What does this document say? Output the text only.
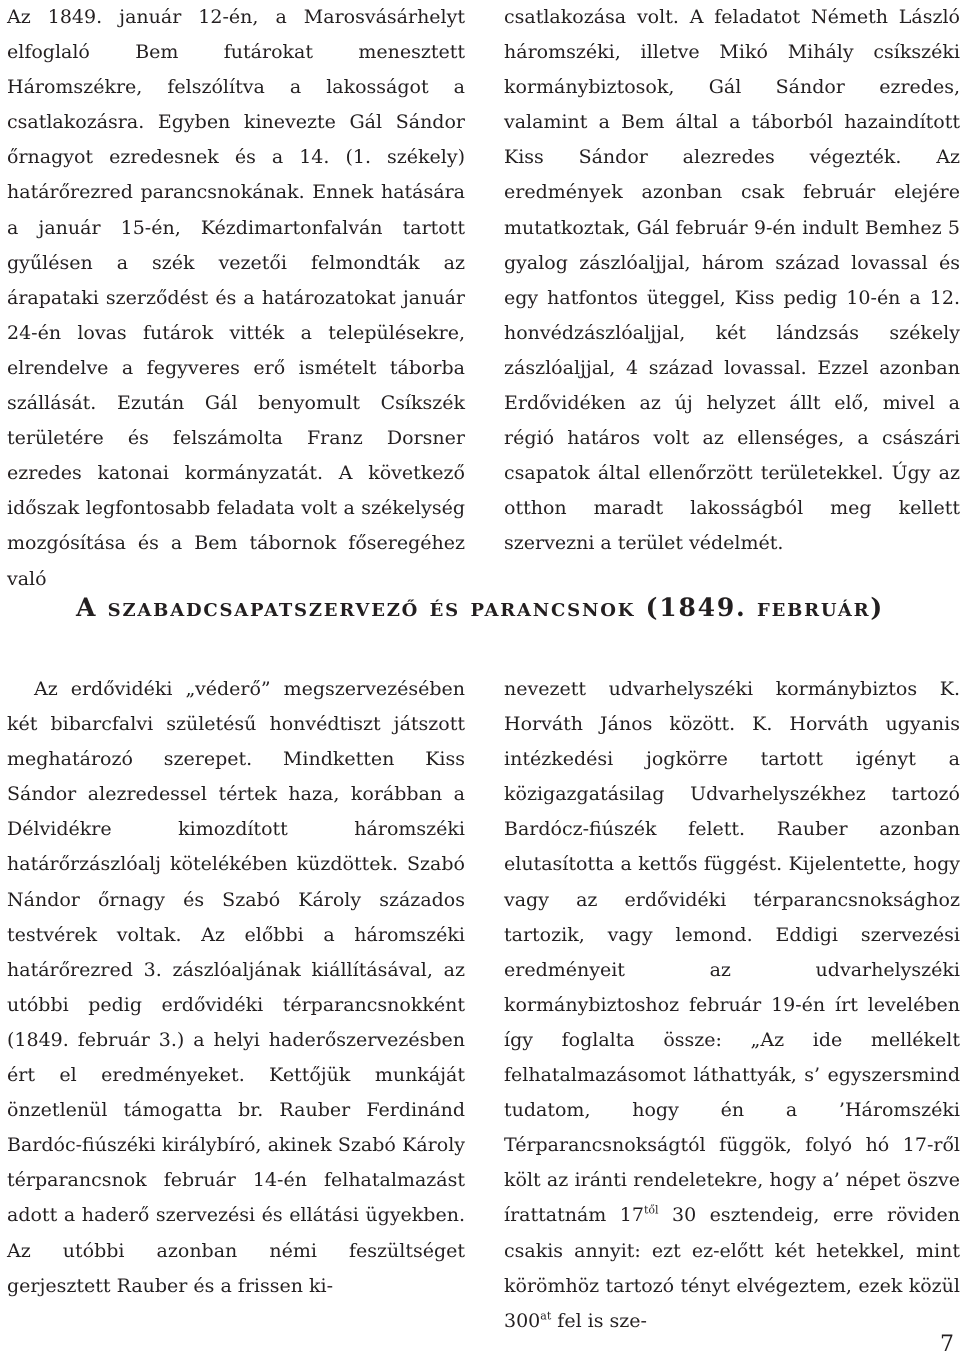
Az 1849. január 12-én, a Marosvásárhelyt elfoglaló Bem futárokat menesztett Háromszékre, felszólítva a lakosságot a csatlakozásra. Egyben kinevezte Gál Sándor őrnagyot ezredesnek és a 14. (1. székely) határőrezred parancsnokának. Ennek hatására a január 15-én, Kézdimartonfalván tartott gyűlésen a szék vezetői felmondták az árapataki szerződést és a határozatokat január 24-én lovas futárok vitték a településekre, elrendelve a fegyveres erő ismételt táborba szállását. Ezután Gál benyomult Csíkszék területére és felszámolta Franz Dorsner ezredes katonai kormányzatát. A következő időszak legfontosabb feladata volt a székelység mozgósítása és a Bem tábornok főseregéhez való

csatlakozása volt. A feladatot Németh László háromszéki, illetve Mikó Mihály csíkszéki kormánybiztosok, Gál Sándor ezredes, valamint a Bem által a táborból hazaindított Kiss Sándor alezredes végezték. Az eredmények azonban csak február elejére mutatkoztak, Gál február 9-én indult Bemhez 5 gyalog zászlóaljjal, három század lovassal és egy hatfontos üteggel, Kiss pedig 10-én a 12. honvédzászlóaljjal, két lándzsás székely zászlóaljjal, 4 század lovassal. Ezzel azonban Erdővidéken az új helyzet állt elő, mivel a régió határos volt az ellenséges, a császári csapatok által ellenőrzött területekkel. Úgy az otthon maradt lakosságból meg kellett szervezni a terület védelmét.

A szabadcsapatszervező és parancsnok (1849. február)

Az erdővidéki „véderő” megszervezésében két bibarcfalvi születésű honvédtiszt játszott meghatározó szerepet. Mindketten Kiss Sándor alezredessel tértek haza, korábban a Délvidékre kimozdított háromszéki határőrzászlóalj kötelékében küzdöttek. Szabó Nándor őrnagy és Szabó Károly százados testvérek voltak. Az előbbi a háromszéki határőrezred 3. zászlóaljának kiállításával, az utóbbi pedig erdővidéki térparancsnokként (1849. február 3.) a helyi haderőszervezésben ért el eredményeket. Kettőjük munkáját önzetlenül támogatta br. Rauber Ferdinánd Bardóc-fiúszéki királybíró, akinek Szabó Károly térparancsnok február 14-én felhatalmazást adott a haderő szervezési és ellátási ügyekben. Az utóbbi azonban némi feszültséget gerjesztett Rauber és a frissen ki-

nevezett udvarhelyszéki kormánybiztos K. Horváth János között. K. Horváth ugyanis intézkedési jogkörre tartott igényt a közigazgatásilag Udvarhelyszékhez tartozó Bardócz-fiúszék felett. Rauber azonban elutasította a kettős függést. Kijelentette, hogy vagy az erdővidéki térparancsnoksághoz tartozik, vagy lemond. Eddigi szervezési eredményeit az udvarhelyszéki kormánybiztoshoz február 19-én írt levelében így foglalta össze: „Az ide mellékelt felhatalmazásomot láthattyák, s’ egyszersmind tudatom, hogy én a ’Háromszéki Térparancsnokságtól függök, folyó hó 17-ről költ az iránti rendeletekre, hogy a’ népet öszve írattatnám $17^{től}$ 30 esztendeig, erre röviden csakis annyit: ezt ez-előtt két hetekkel, mint körömhöz tartozó tényt elvégeztem, ezek közül $300^{at}$ fel is sze-

7
